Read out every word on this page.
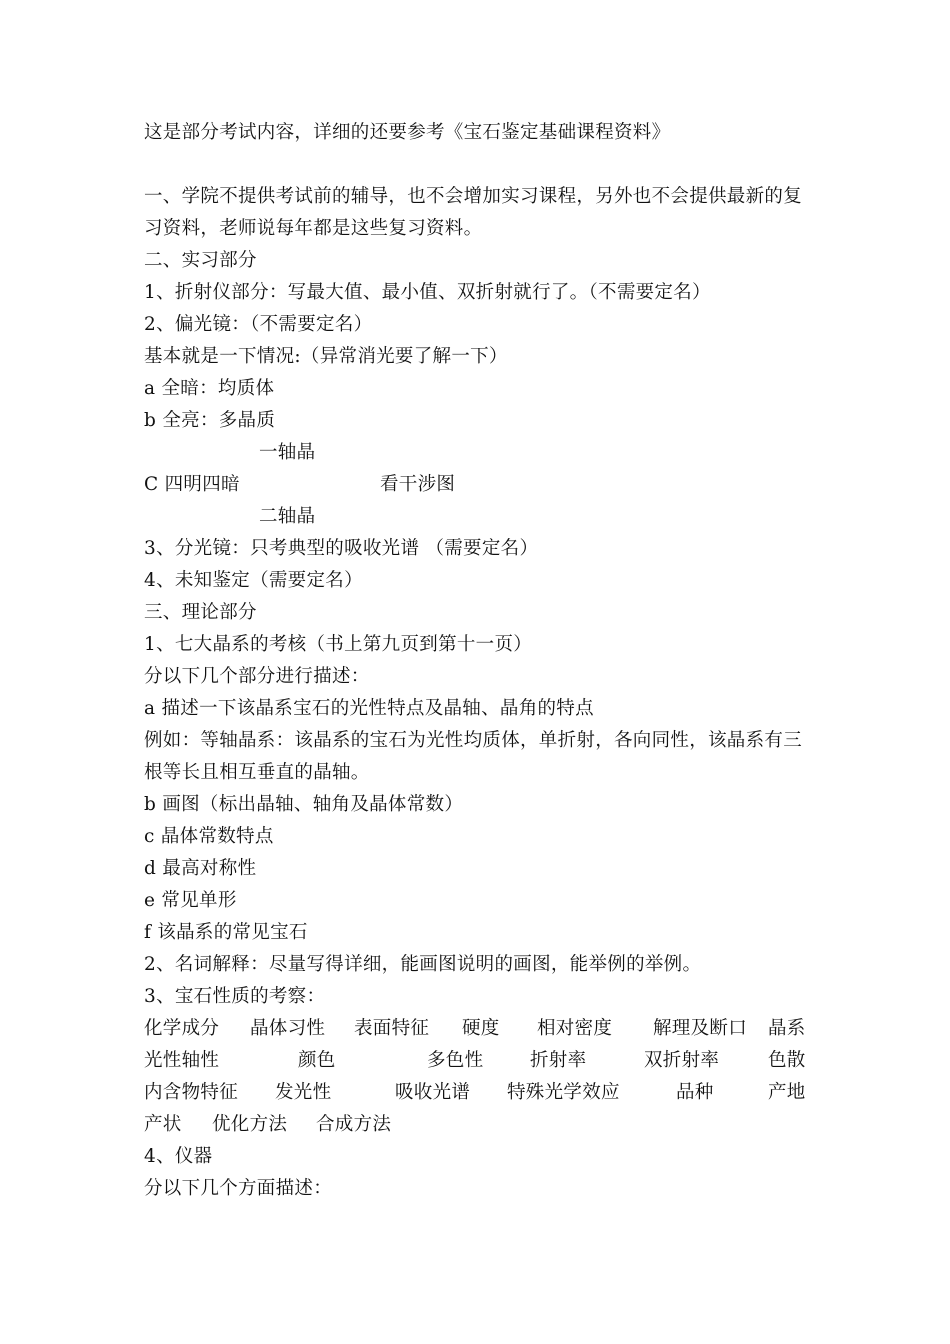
这是部分考试内容，详细的还要参考《宝石鉴定基础课程资料》
一、学院不提供考试前的辅导，也不会增加实习课程，另外也不会提供最新的复
习资料，老师说每年都是这些复习资料。
二、实习部分
1、折射仪部分：写最大值、最小值、双折射就行了。（不需要定名）
2、偏光镜：（不需要定名）
基本就是一下情况:（异常消光要了解一下）
a 全暗：均质体
b 全亮：多晶质
一轴晶
C 四明四暗	看干涉图
二轴晶
3、分光镜：只考典型的吸收光谱 （需要定名）
4、未知鉴定（需要定名）
三、理论部分
1、七大晶系的考核（书上第九页到第十一页）
分以下几个部分进行描述：
a 描述一下该晶系宝石的光性特点及晶轴、晶角的特点
例如：等轴晶系：该晶系的宝石为光性均质体，单折射，各向同性，该晶系有三
根等长且相互垂直的晶轴。
b 画图（标出晶轴、轴角及晶体常数）
c 晶体常数特点
d 最高对称性
e 常见单形
f 该晶系的常见宝石
2、名词解释：尽量写得详细，能画图说明的画图，能举例的举例。
3、宝石性质的考察：
化学成分 晶体习性 表面特征 硬度 相对密度 解理及断口 晶系
光性轴性	颜色	多色性	折射率	双折射率	色散
内含物特征 发光性	吸收光谱 特殊光学效应	品种	产地
产状 优化方法 合成方法
4、仪器
分以下几个方面描述：
